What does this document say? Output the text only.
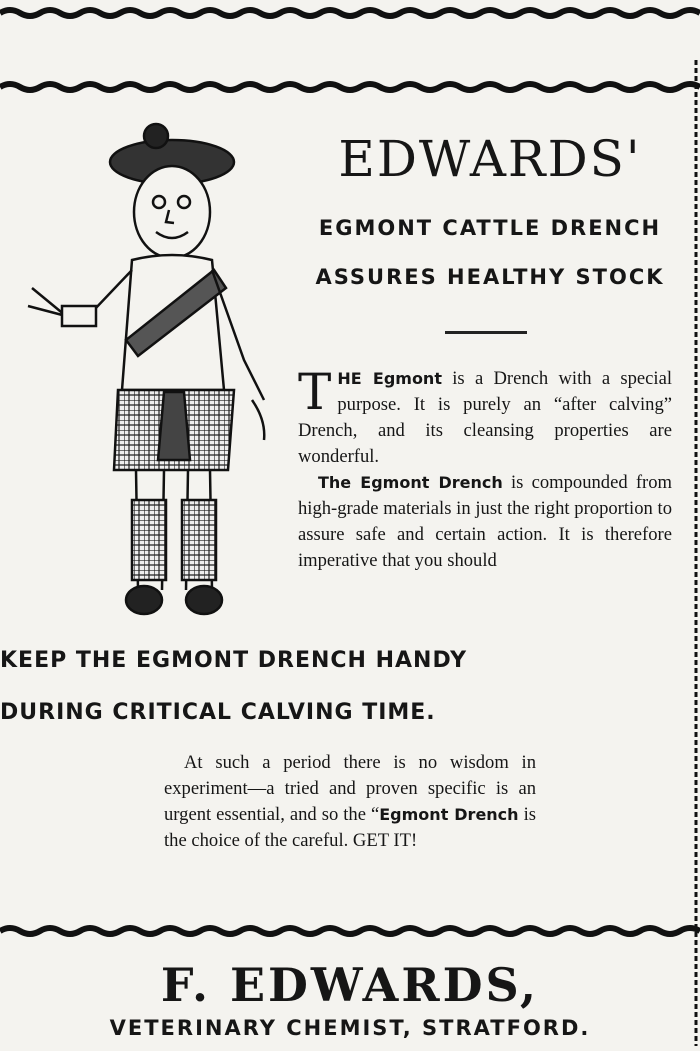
EDWARDS'
EGMONT CATTLE DRENCH
ASSURES HEALTHY STOCK

THE Egmont is a Drench with a special purpose. It is purely an “after calving” Drench, and its cleansing properties are wonderful.
The Egmont Drench is compounded from high-grade materials in just the right proportion to assure safe and certain action. It is therefore imperative that you should

KEEP THE EGMONT DRENCH HANDY
DURING CRITICAL CALVING TIME.

At such a period there is no wisdom in experiment—a tried and proven specific is an urgent essential, and so the “Egmont Drench is the choice of the careful. GET IT!

F. EDWARDS,
VETERINARY CHEMIST, STRATFORD.
